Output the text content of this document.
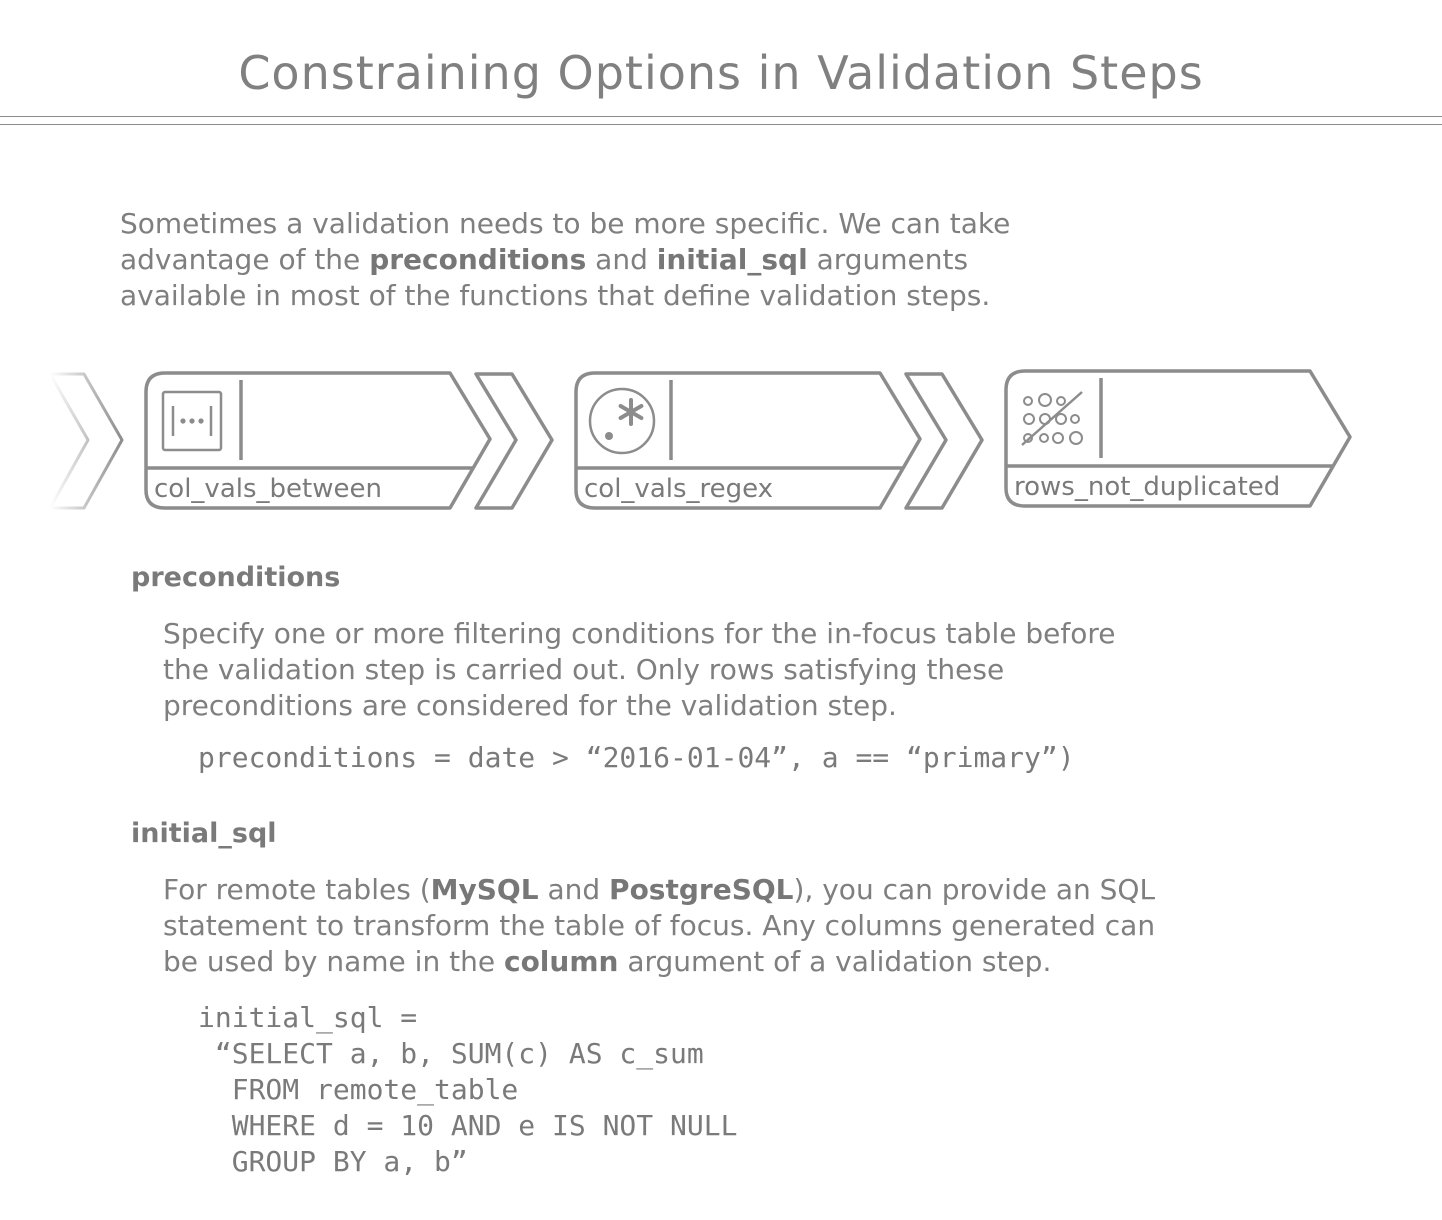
Constraining Options in Validation Steps

Sometimes a validation needs to be more specific. We can take

advantage of the preconditions and initial_sql arguments

available in most of the functions that define validation steps.

col_vals_between	col_vals_regex	rows_not_duplicated
preconditions

Specify one or more filtering conditions for the in-focus table before

the validation step is carried out. Only rows satisfying these

preconditions are considered for the validation step.

preconditions = date > “2016-01-04”, a == “primary”)
initial_sql

For remote tables (MySQL and PostgreSQL), you can provide an SQL

statement to transform the table of focus. Any columns generated can

be used by name in the column argument of a validation step.

initial_sql =
“SELECT a, b, SUM(c) AS c_sum
FROM remote_table
WHERE d = 10 AND e IS NOT NULL
GROUP BY a, b”
